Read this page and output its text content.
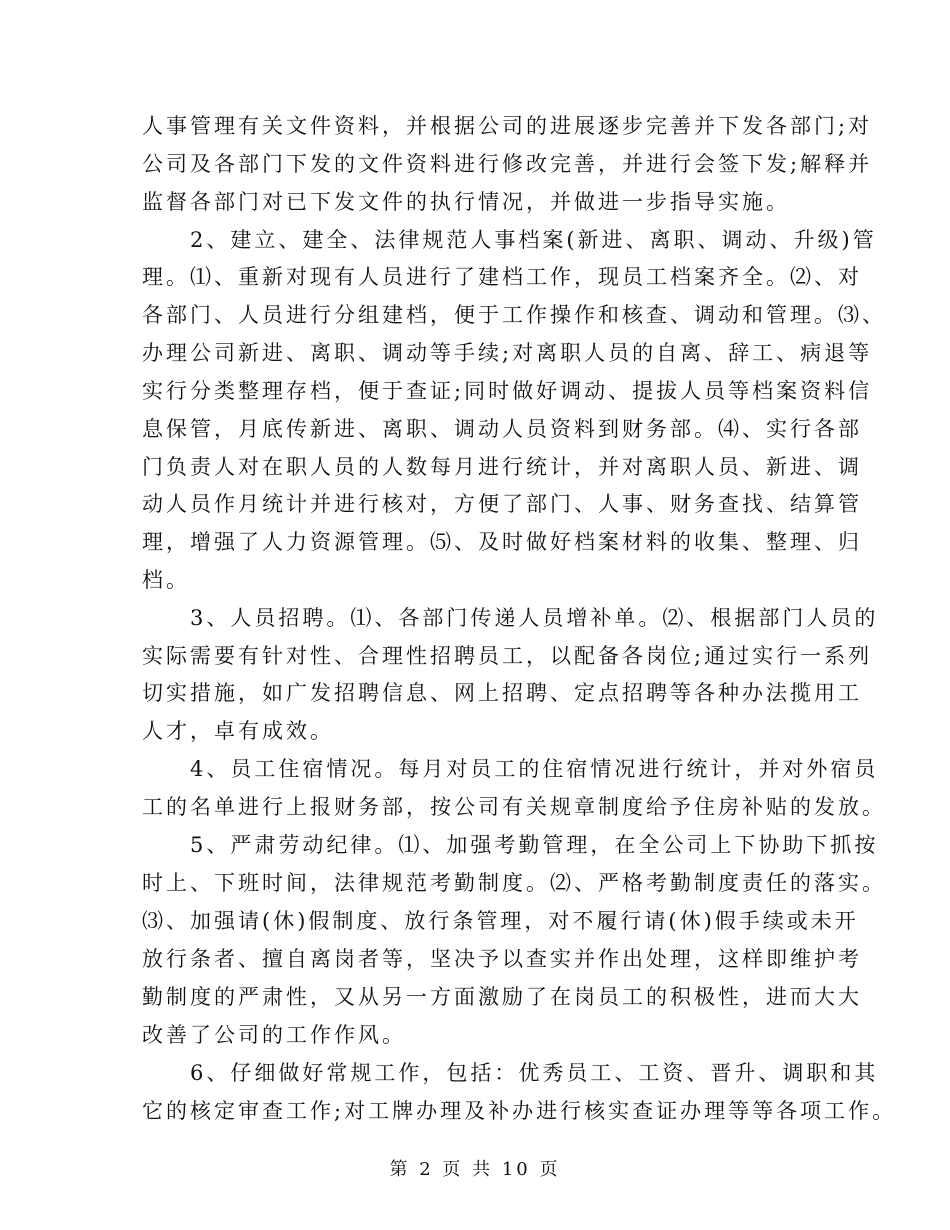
人事管理有关文件资料，并根据公司的进展逐步完善并下发各部门;对
公司及各部门下发的文件资料进行修改完善，并进行会签下发;解释并
监督各部门对已下发文件的执行情况，并做进一步指导实施。
　　2、建立、建全、法律规范人事档案(新进、离职、调动、升级)管
理。⑴、重新对现有人员进行了建档工作，现员工档案齐全。⑵、对
各部门、人员进行分组建档，便于工作操作和核查、调动和管理。⑶、
办理公司新进、离职、调动等手续;对离职人员的自离、辞工、病退等
实行分类整理存档，便于查证;同时做好调动、提拔人员等档案资料信
息保管，月底传新进、离职、调动人员资料到财务部。⑷、实行各部
门负责人对在职人员的人数每月进行统计，并对离职人员、新进、调
动人员作月统计并进行核对，方便了部门、人事、财务查找、结算管
理，增强了人力资源管理。⑸、及时做好档案材料的收集、整理、归
档。
　　3、人员招聘。⑴、各部门传递人员增补单。⑵、根据部门人员的
实际需要有针对性、合理性招聘员工，以配备各岗位;通过实行一系列
切实措施，如广发招聘信息、网上招聘、定点招聘等各种办法揽用工
人才，卓有成效。
　　4、员工住宿情况。每月对员工的住宿情况进行统计，并对外宿员
工的名单进行上报财务部，按公司有关规章制度给予住房补贴的发放。
　　5、严肃劳动纪律。⑴、加强考勤管理，在全公司上下协助下抓按
时上、下班时间，法律规范考勤制度。⑵、严格考勤制度责任的落实。
⑶、加强请(休)假制度、放行条管理，对不履行请(休)假手续或未开
放行条者、擅自离岗者等，坚决予以查实并作出处理，这样即维护考
勤制度的严肃性，又从另一方面激励了在岗员工的积极性，进而大大
改善了公司的工作作风。
　　6、仔细做好常规工作，包括：优秀员工、工资、晋升、调职和其
它的核定审查工作;对工牌办理及补办进行核实查证办理等等各项工作。
第 2 页 共 10 页
